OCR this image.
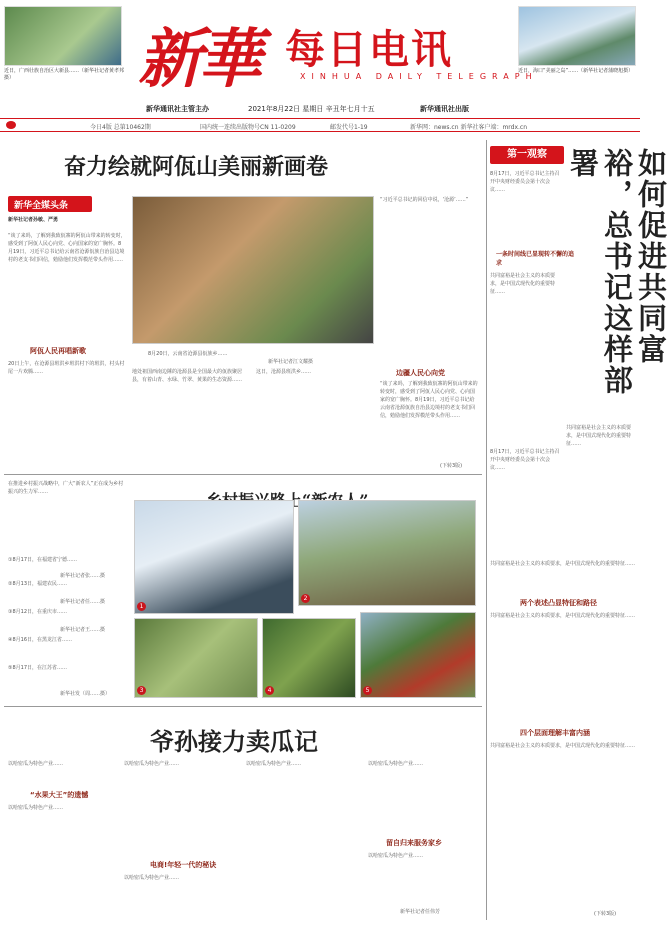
近日，广西壮族自治区大新县……（新华社记者黄孝邦摄）	新華 每日电讯
XINHUA DAILY TELEGRAPH
新华通讯社主管主办	2021年8月22日 星期日 辛丑年七月十五	新华通讯社出版
近日，海口“美丽之岛”……（新华社记者蒲晓旭摄）
今日4版 总第10462期	国内统一连续出版物号CN 11-0209	邮发代号1-19	新华网：news.cn 新华社客户端：mrdx.cn
奋力绘就阿佤山美丽新画卷
新华全媒头条
新华社记者孙敏、严勇
“谈了来吗，了解到我致佤寨的阿佤山带来的转变时，感受到了阿佤人民心向党、心向国家的宽广胸怀。8月19日，习近平总书记给云南省沧源佤族自治县边境村的老支书们回信，勉励他们发挥模范带头作用……
阿佤人民再唱新歌
20日上午，在沧源县班洪乡班洪村下的班洪，村头村尾一片欢腾……
8月20日，云南省沧源县佤族乡……
新华社记者江文耀摄
地处祖国西南边陲的沧源县是全国最大的佤族聚居县，有着山青、水绿、竹翠、黄果的生态资源……
这日，沧源县班洪乡……
“习近平总书记的回信中说，‘沧源’……”
边疆人民心向党
“谈了来吗，了解到我致佤寨的阿佤山带来的转变时，感受到了阿佤人民心向党、心向国家的宽广胸怀。8月19日，习近平总书记给云南省沧源佤族自治县边境村的老支书们回信，勉励他们发挥模范带头作用……
(下转3版)
在推进乡村振兴战略中，广大“新农人”正在成为乡村振兴的生力军……
1
2
3	4	5
①8月17日，在福建省宁德……
新华社记者张……摄
②8月13日，福建农民……
新华社记者任……摄
③8月12日，在重庆市……
新华社记者王……摄
④8月16日，在黑龙江省……
⑤8月17日，在江苏省……
新华社发（周……摄）
爷孙接力卖瓜记
以哈密瓜为特色产业……
“水果大王”的遗憾
以哈密瓜为特色产业……
以哈密瓜为特色产业……
电商!年轻一代的秘诀
以哈密瓜为特色产业……
以哈密瓜为特色产业……	以哈密瓜为特色产业……
留自归来服务家乡
以哈密瓜为特色产业……
新华社记者任伟芳
第一观察	如何促进共同富裕，总书记这样部署
8月17日，习近平总书记主持召开中央财经委员会第十次会议……
一条时间线已显现转不懈的追求
共同富裕是社会主义的本质要求，是中国式现代化的重要特征……
共同富裕是社会主义的本质要求，是中国式现代化的重要特征……
8月17日，习近平总书记主持召开中央财经委员会第十次会议……
共同富裕是社会主义的本质要求，是中国式现代化的重要特征……
两个表述凸显特征和路径
共同富裕是社会主义的本质要求，是中国式现代化的重要特征……
四个层面理解丰富内涵
共同富裕是社会主义的本质要求，是中国式现代化的重要特征……
(下转3版)
